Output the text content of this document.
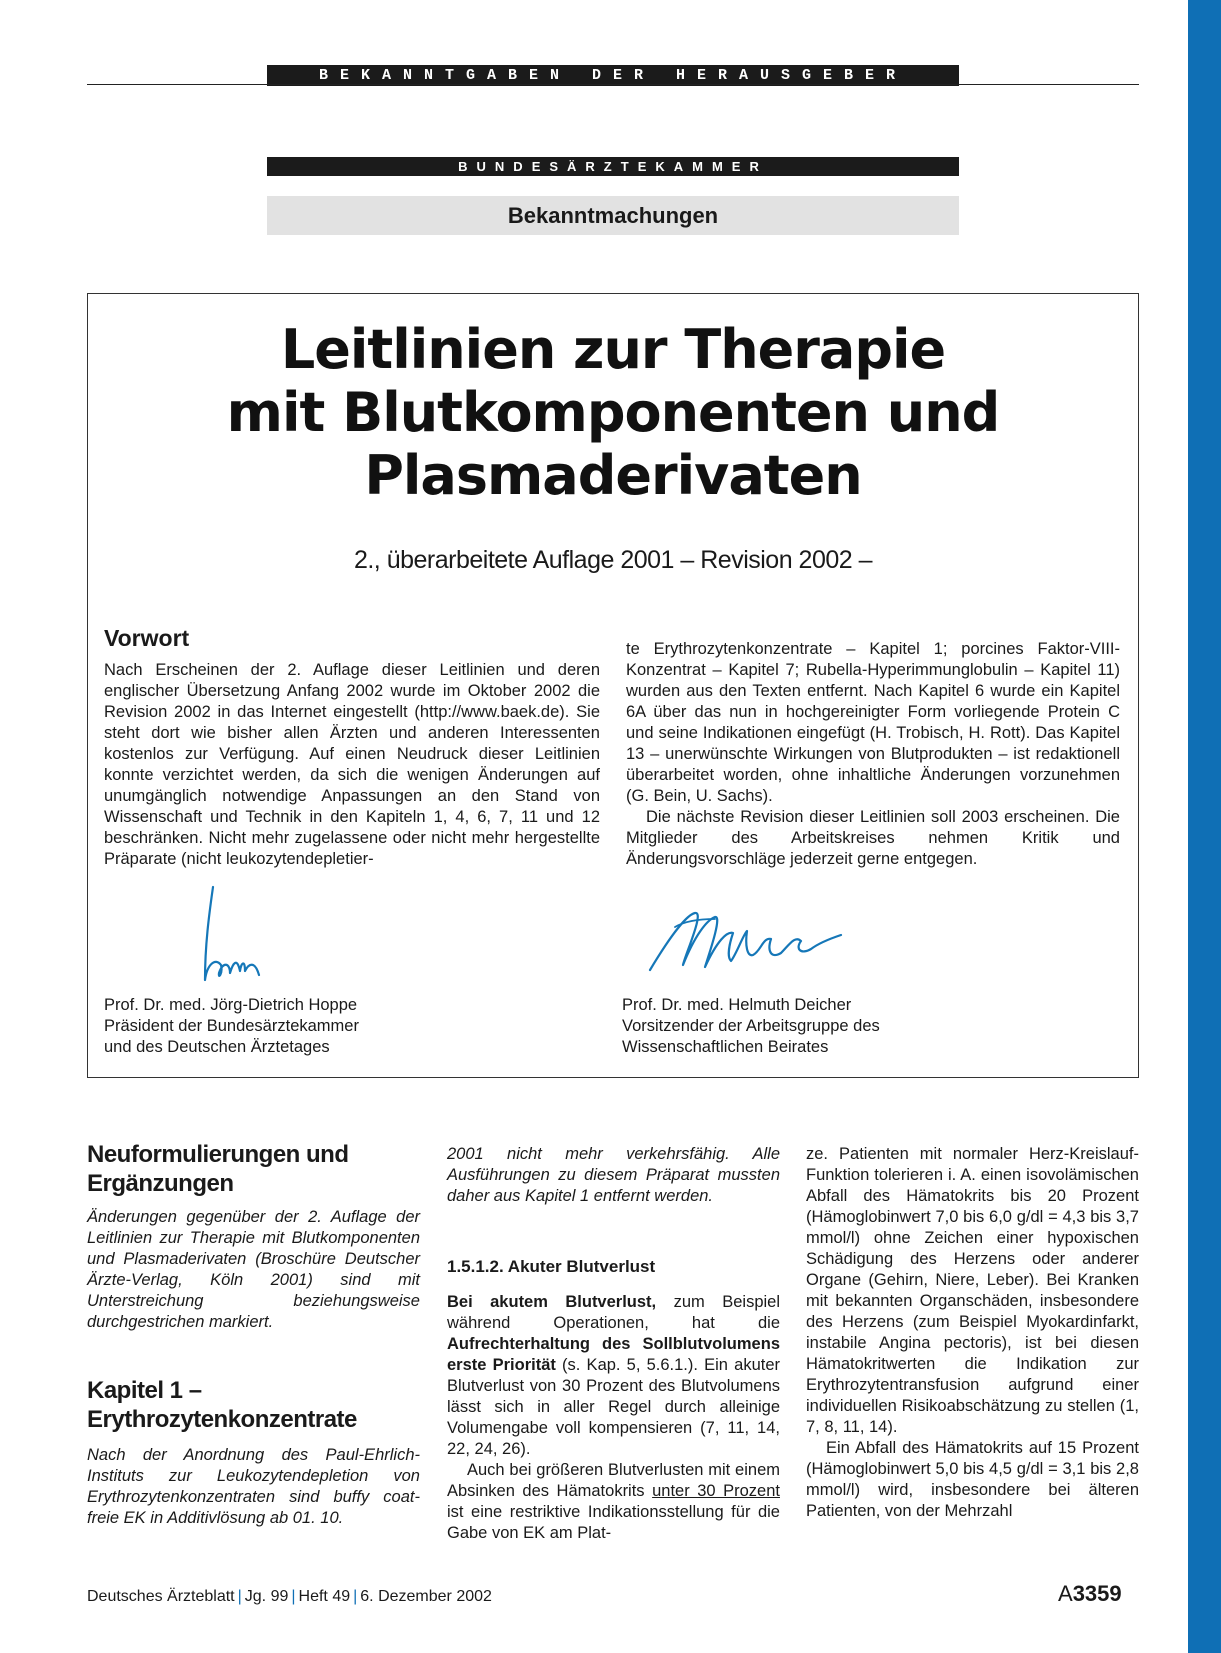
BEKANNTGABEN DER HERAUSGEBER
BUNDESÄRZTEKAMMER
Bekanntmachungen
Leitlinien zur Therapie
mit Blutkomponenten und
Plasmaderivaten
2., überarbeitete Auflage 2001 – Revision 2002 –
Vorwort

Nach Erscheinen der 2. Auflage dieser Leitlinien und deren englischer Übersetzung Anfang 2002 wurde im Oktober 2002 die Revision 2002 in das Internet eingestellt (http://www.baek.de). Sie steht dort wie bisher allen Ärzten und anderen Interessenten kostenlos zur Verfügung. Auf einen Neudruck dieser Leitlinien konnte verzichtet werden, da sich die wenigen Änderungen auf unumgänglich notwendige Anpassungen an den Stand von Wissenschaft und Technik in den Kapiteln 1, 4, 6, 7, 11 und 12 beschränken. Nicht mehr zugelassene oder nicht mehr hergestellte Präparate (nicht leukozytendepletier-

te Erythrozytenkonzentrate – Kapitel 1; porcines Faktor-VIII-Konzentrat – Kapitel 7; Rubella-Hyperimmunglobulin – Kapitel 11) wurden aus den Texten entfernt. Nach Kapitel 6 wurde ein Kapitel 6A über das nun in hochgereinigter Form vorliegende Protein C und seine Indikationen eingefügt (H. Trobisch, H. Rott). Das Kapitel 13 – unerwünschte Wirkungen von Blutprodukten – ist redaktionell überarbeitet worden, ohne inhaltliche Änderungen vorzunehmen (G. Bein, U. Sachs).

Die nächste Revision dieser Leitlinien soll 2003 erscheinen. Die Mitglieder des Arbeitskreises nehmen Kritik und Änderungsvorschläge jederzeit gerne entgegen.

Prof. Dr. med. Jörg-Dietrich Hoppe
Präsident der Bundesärztekammer
und des Deutschen Ärztetages
Prof. Dr. med. Helmuth Deicher
Vorsitzender der Arbeitsgruppe des
Wissenschaftlichen Beirates
Neuformulierungen und
Ergänzungen

Änderungen gegenüber der 2. Auflage der Leitlinien zur Therapie mit Blutkomponenten und Plasmaderivaten (Broschüre Deutscher Ärzte-Verlag, Köln 2001) sind mit Unterstreichung beziehungsweise durchgestrichen markiert.

Kapitel 1 –
Erythrozytenkonzentrate

Nach der Anordnung des Paul-Ehrlich-Instituts zur Leukozytendepletion von Erythrozytenkonzentraten sind buffy coat-freie EK in Additivlösung ab 01. 10.

2001 nicht mehr verkehrsfähig. Alle Ausführungen zu diesem Präparat mussten daher aus Kapitel 1 entfernt werden.

1.5.1.2. Akuter Blutverlust

Bei akutem Blutverlust, zum Beispiel während Operationen, hat die Aufrechterhaltung des Sollblutvolumens erste Priorität (s. Kap. 5, 5.6.1.). Ein akuter Blutverlust von 30 Prozent des Blutvolumens lässt sich in aller Regel durch alleinige Volumengabe voll kompensieren (7, 11, 14, 22, 24, 26).

Auch bei größeren Blutverlusten mit einem Absinken des Hämatokrits unter 30 Prozent ist eine restriktive Indikationsstellung für die Gabe von EK am Plat-

ze. Patienten mit normaler Herz-Kreislauf-Funktion tolerieren i. A. einen isovolämischen Abfall des Hämatokrits bis 20 Prozent (Hämoglobinwert 7,0 bis 6,0 g/dl = 4,3 bis 3,7 mmol/l) ohne Zeichen einer hypoxischen Schädigung des Herzens oder anderer Organe (Gehirn, Niere, Leber). Bei Kranken mit bekannten Organschäden, insbesondere des Herzens (zum Beispiel Myokardinfarkt, instabile Angina pectoris), ist bei diesen Hämatokritwerten die Indikation zur Erythrozytentransfusion aufgrund einer individuellen Risikoabschätzung zu stellen (1, 7, 8, 11, 14).

Ein Abfall des Hämatokrits auf 15 Prozent (Hämoglobinwert 5,0 bis 4,5 g/dl = 3,1 bis 2,8 mmol/l) wird, insbesondere bei älteren Patienten, von der Mehrzahl

Deutsches Ärzteblatt | Jg. 99 | Heft 49 | 6. Dezember 2002	A3359
